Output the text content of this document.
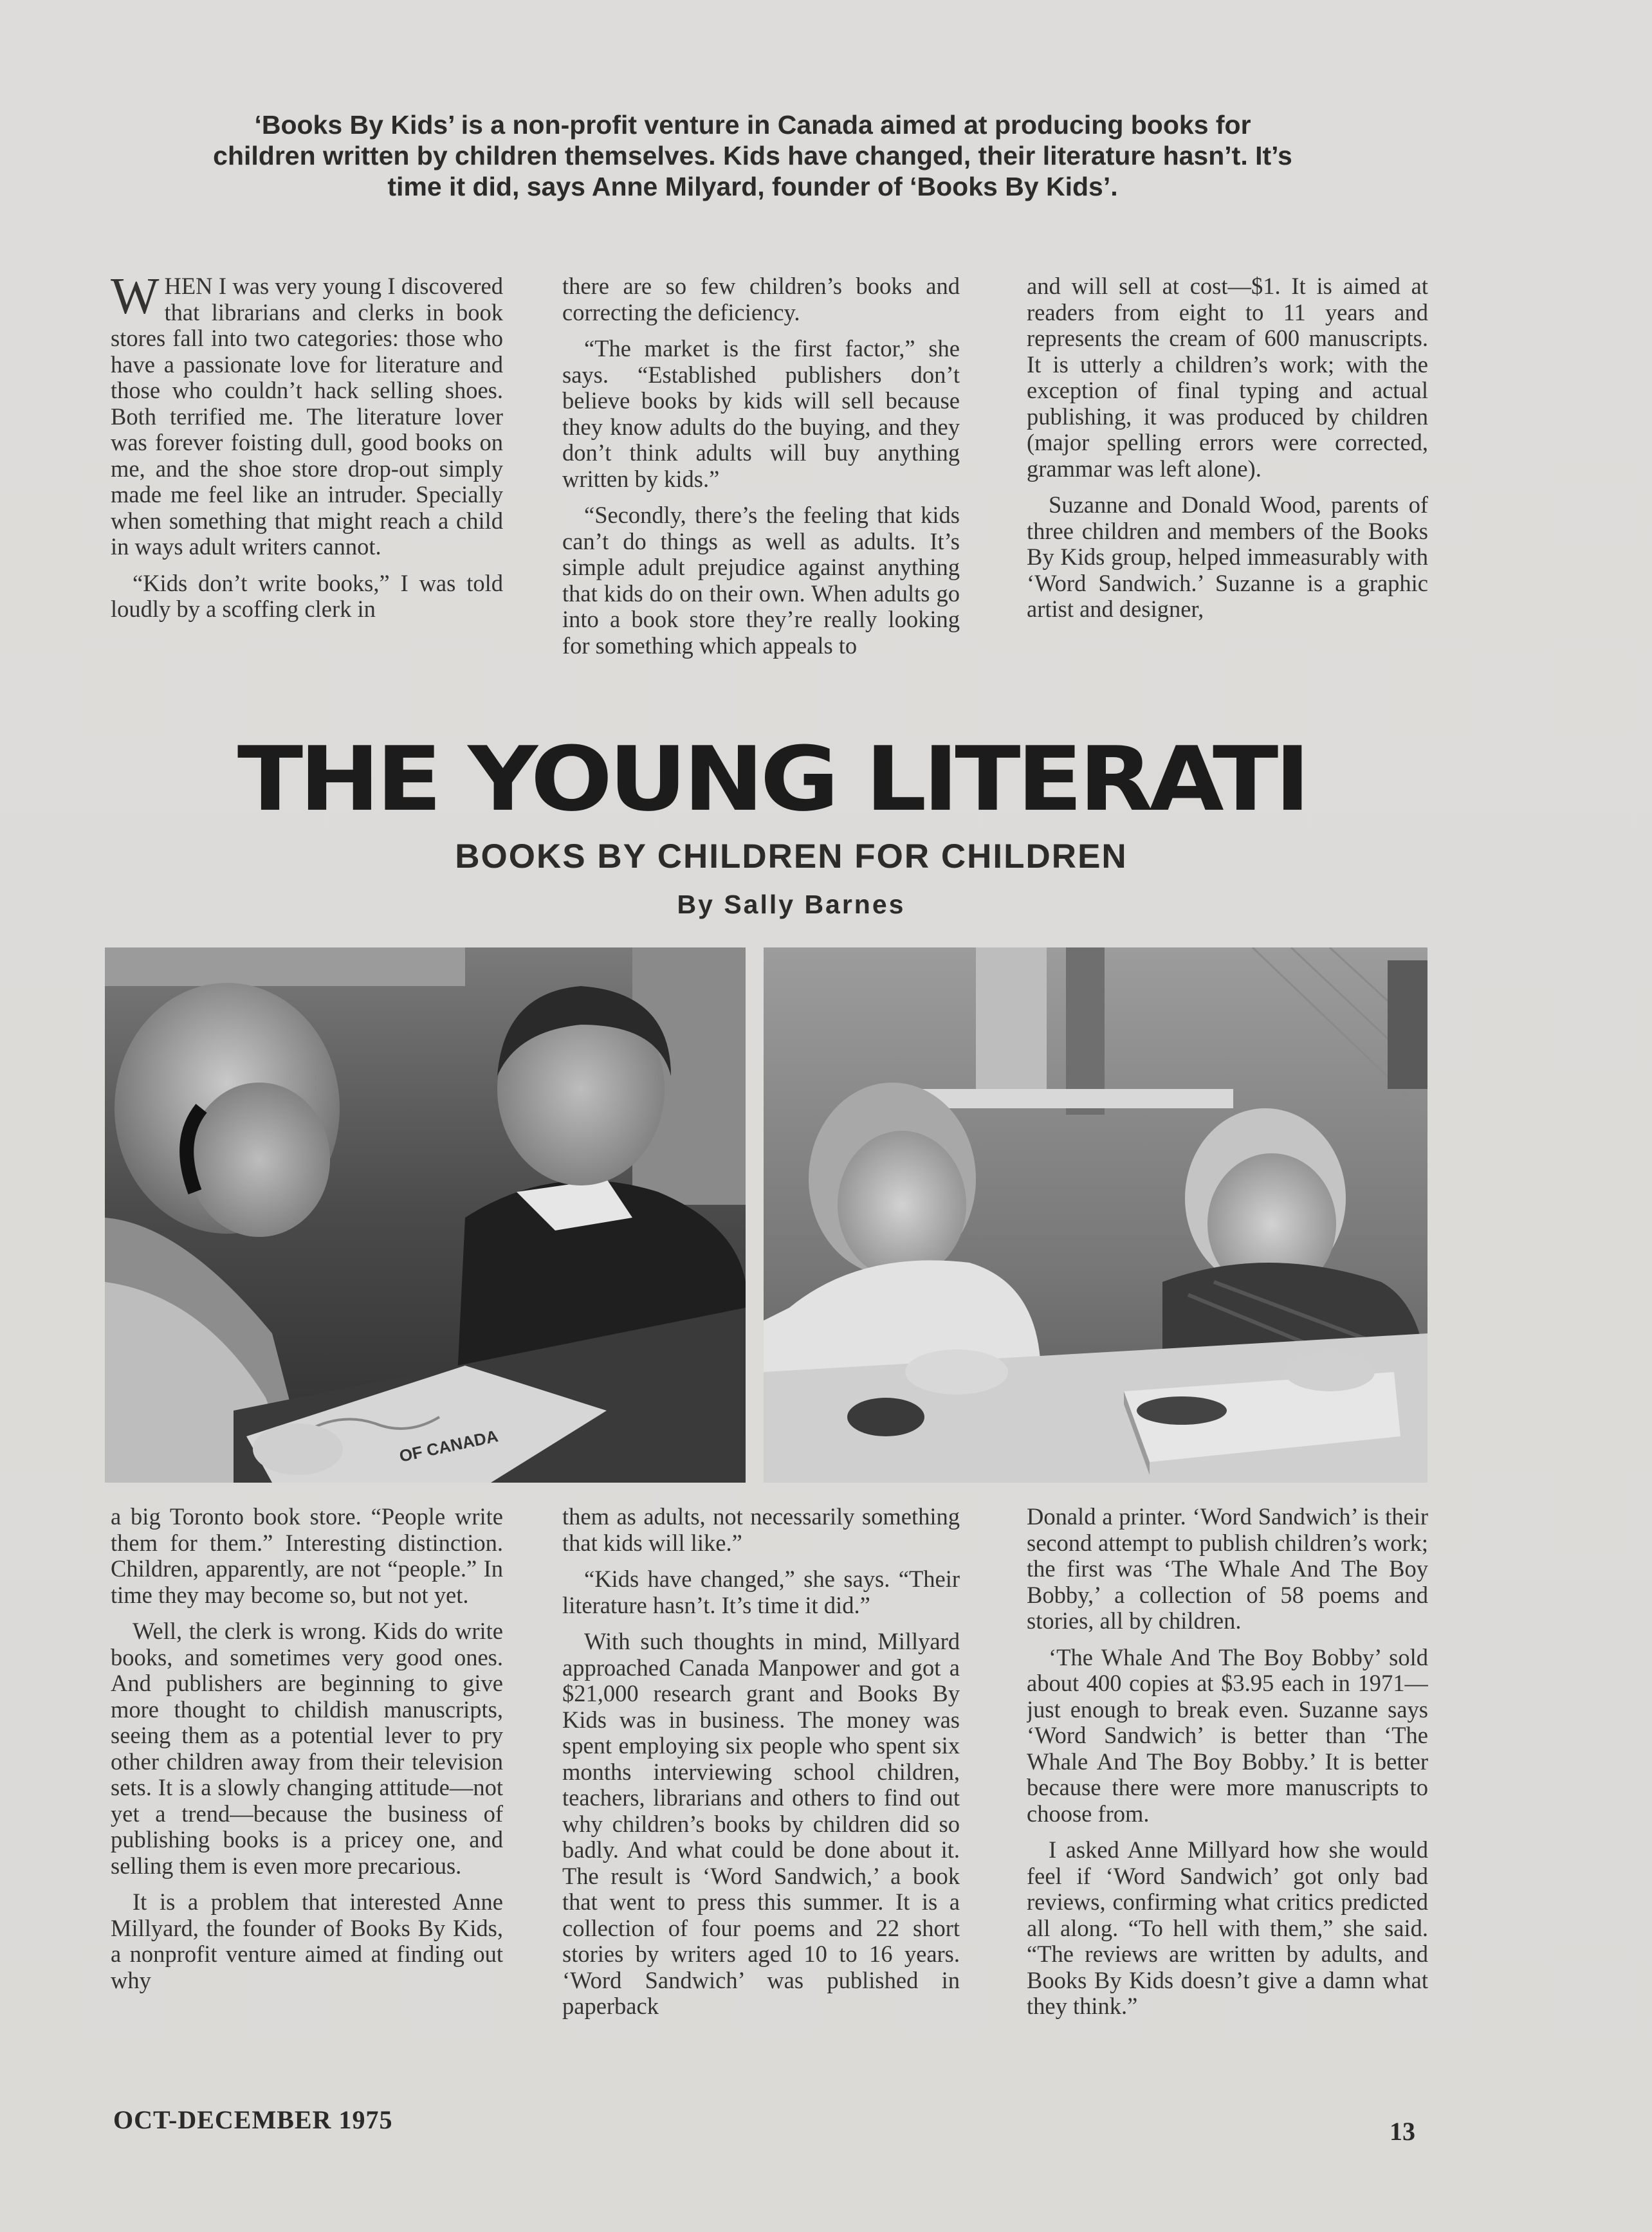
‘Books By Kids’ is a non-profit venture in Canada aimed at producing books for children written by children themselves. Kids have changed, their literature hasn’t. It’s time it did, says Anne Milyard, founder of ‘Books By Kids’.

WHEN I was very young I discovered that librarians and clerks in book stores fall into two categories: those who have a passionate love for literature and those who couldn’t hack selling shoes. Both terrified me. The literature lover was forever foisting dull, good books on me, and the shoe store drop-out simply made me feel like an intruder. Specially when something that might reach a child in ways adult writers cannot.

“Kids don’t write books,” I was told loudly by a scoffing clerk in

there are so few children’s books and correcting the deficiency.

“The market is the first factor,” she says. “Established publishers don’t believe books by kids will sell because they know adults do the buying, and they don’t think adults will buy anything written by kids.”

“Secondly, there’s the feeling that kids can’t do things as well as adults. It’s simple adult prejudice against anything that kids do on their own. When adults go into a book store they’re really looking for something which appeals to

and will sell at cost—$1. It is aimed at readers from eight to 11 years and represents the cream of 600 manuscripts. It is utterly a children’s work; with the exception of final typing and actual publishing, it was produced by children (major spelling errors were corrected, grammar was left alone).

Suzanne and Donald Wood, parents of three children and members of the Books By Kids group, helped immeasurably with ‘Word Sandwich.’ Suzanne is a graphic artist and designer,

THE YOUNG LITERATI
BOOKS BY CHILDREN FOR CHILDREN
By Sally Barnes
OF CANADA

a big Toronto book store. “People write them for them.” Interesting distinction. Children, apparently, are not “people.” In time they may become so, but not yet.

Well, the clerk is wrong. Kids do write books, and sometimes very good ones. And publishers are beginning to give more thought to childish manuscripts, seeing them as a potential lever to pry other children away from their television sets. It is a slowly changing attitude—not yet a trend—because the business of publishing books is a pricey one, and selling them is even more precarious.

It is a problem that interested Anne Millyard, the founder of Books By Kids, a nonprofit venture aimed at finding out why

them as adults, not necessarily something that kids will like.”

“Kids have changed,” she says. “Their literature hasn’t. It’s time it did.”

With such thoughts in mind, Millyard approached Canada Manpower and got a $21,000 research grant and Books By Kids was in business. The money was spent employing six people who spent six months interviewing school children, teachers, librarians and others to find out why children’s books by children did so badly. And what could be done about it. The result is ‘Word Sandwich,’ a book that went to press this summer. It is a collection of four poems and 22 short stories by writers aged 10 to 16 years. ‘Word Sandwich’ was published in paperback

Donald a printer. ‘Word Sandwich’ is their second attempt to publish children’s work; the first was ‘The Whale And The Boy Bobby,’ a collection of 58 poems and stories, all by children.

‘The Whale And The Boy Bobby’ sold about 400 copies at $3.95 each in 1971—just enough to break even. Suzanne says ‘Word Sandwich’ is better than ‘The Whale And The Boy Bobby.’ It is better because there were more manuscripts to choose from.

I asked Anne Millyard how she would feel if ‘Word Sandwich’ got only bad reviews, confirming what critics predicted all along. “To hell with them,” she said. “The reviews are written by adults, and Books By Kids doesn’t give a damn what they think.”

OCT-DECEMBER 1975	13
